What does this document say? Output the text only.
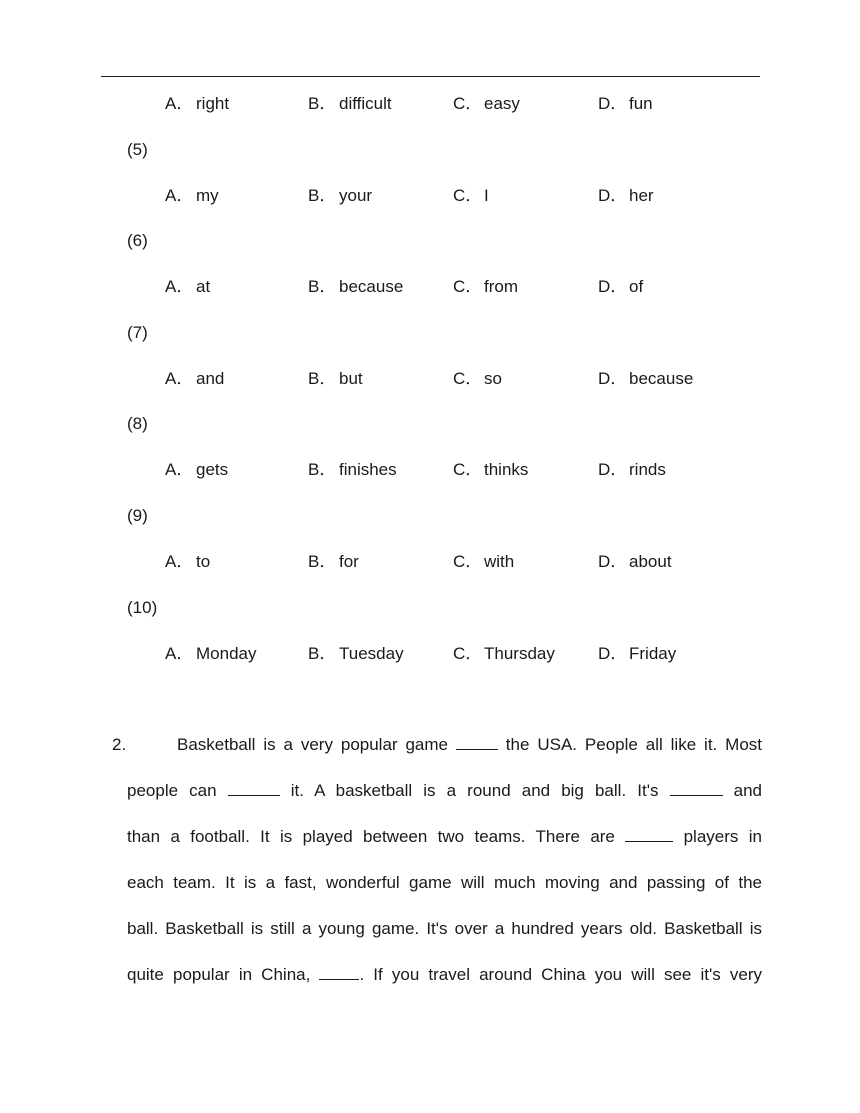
A． right	B． difficult	C． easy	D． fun
(5)
A． my	B． your	C． I	D． her
(6)
A． at	B． because	C． from	D． of
(7)
A． and	B． but	C． so	D． because
(8)
A． gets	B． finishes	C． thinks	D． rinds
(9)
A． to	B． for	C． with	D． about
(10)
A． Monday	B． Tuesday	C． Thursday	D． Friday
2.	Basketball is a very popular game  the USA. People all like it. Most
people can	it. A basketball is a round and big ball. It's	and
than a football. It is played between two teams. There are	players in
each team. It is a fast, wonderful game will much moving and passing of the
ball. Basketball is still a young game. It's over a hundred years old. Basketball is
quite popular in China, . If you travel around China you will see it's very
